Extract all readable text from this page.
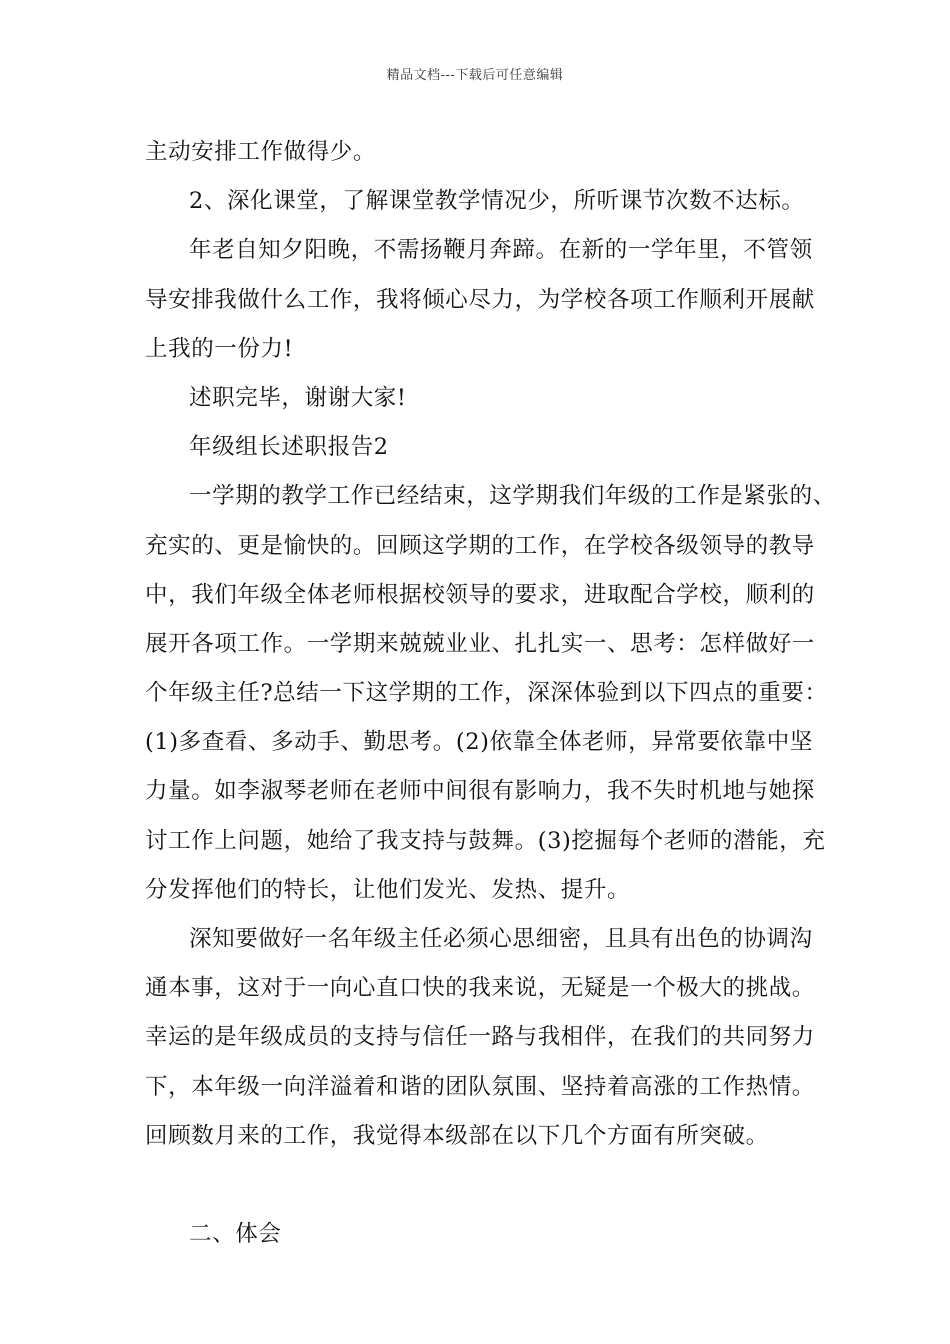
精品文档---下载后可任意编辑
主动安排工作做得少。
2、深化课堂，了解课堂教学情况少，所听课节次数不达标。
年老自知夕阳晚，不需扬鞭月奔蹄。在新的一学年里，不管领
导安排我做什么工作，我将倾心尽力，为学校各项工作顺利开展献
上我的一份力!
述职完毕，谢谢大家!
年级组长述职报告2
一学期的教学工作已经结束，这学期我们年级的工作是紧张的、
充实的、更是愉快的。回顾这学期的工作，在学校各级领导的教导
中，我们年级全体老师根据校领导的要求，进取配合学校，顺利的
展开各项工作。一学期来兢兢业业、扎扎实一、思考：怎样做好一
个年级主任?总结一下这学期的工作，深深体验到以下四点的重要：
(1)多查看、多动手、勤思考。(2)依靠全体老师，异常要依靠中坚
力量。如李淑琴老师在老师中间很有影响力，我不失时机地与她探
讨工作上问题，她给了我支持与鼓舞。(3)挖掘每个老师的潜能，充
分发挥他们的特长，让他们发光、发热、提升。
深知要做好一名年级主任必须心思细密，且具有出色的协调沟
通本事，这对于一向心直口快的我来说，无疑是一个极大的挑战。
幸运的是年级成员的支持与信任一路与我相伴，在我们的共同努力
下，本年级一向洋溢着和谐的团队氛围、坚持着高涨的工作热情。
回顾数月来的工作，我觉得本级部在以下几个方面有所突破。
二、体会
